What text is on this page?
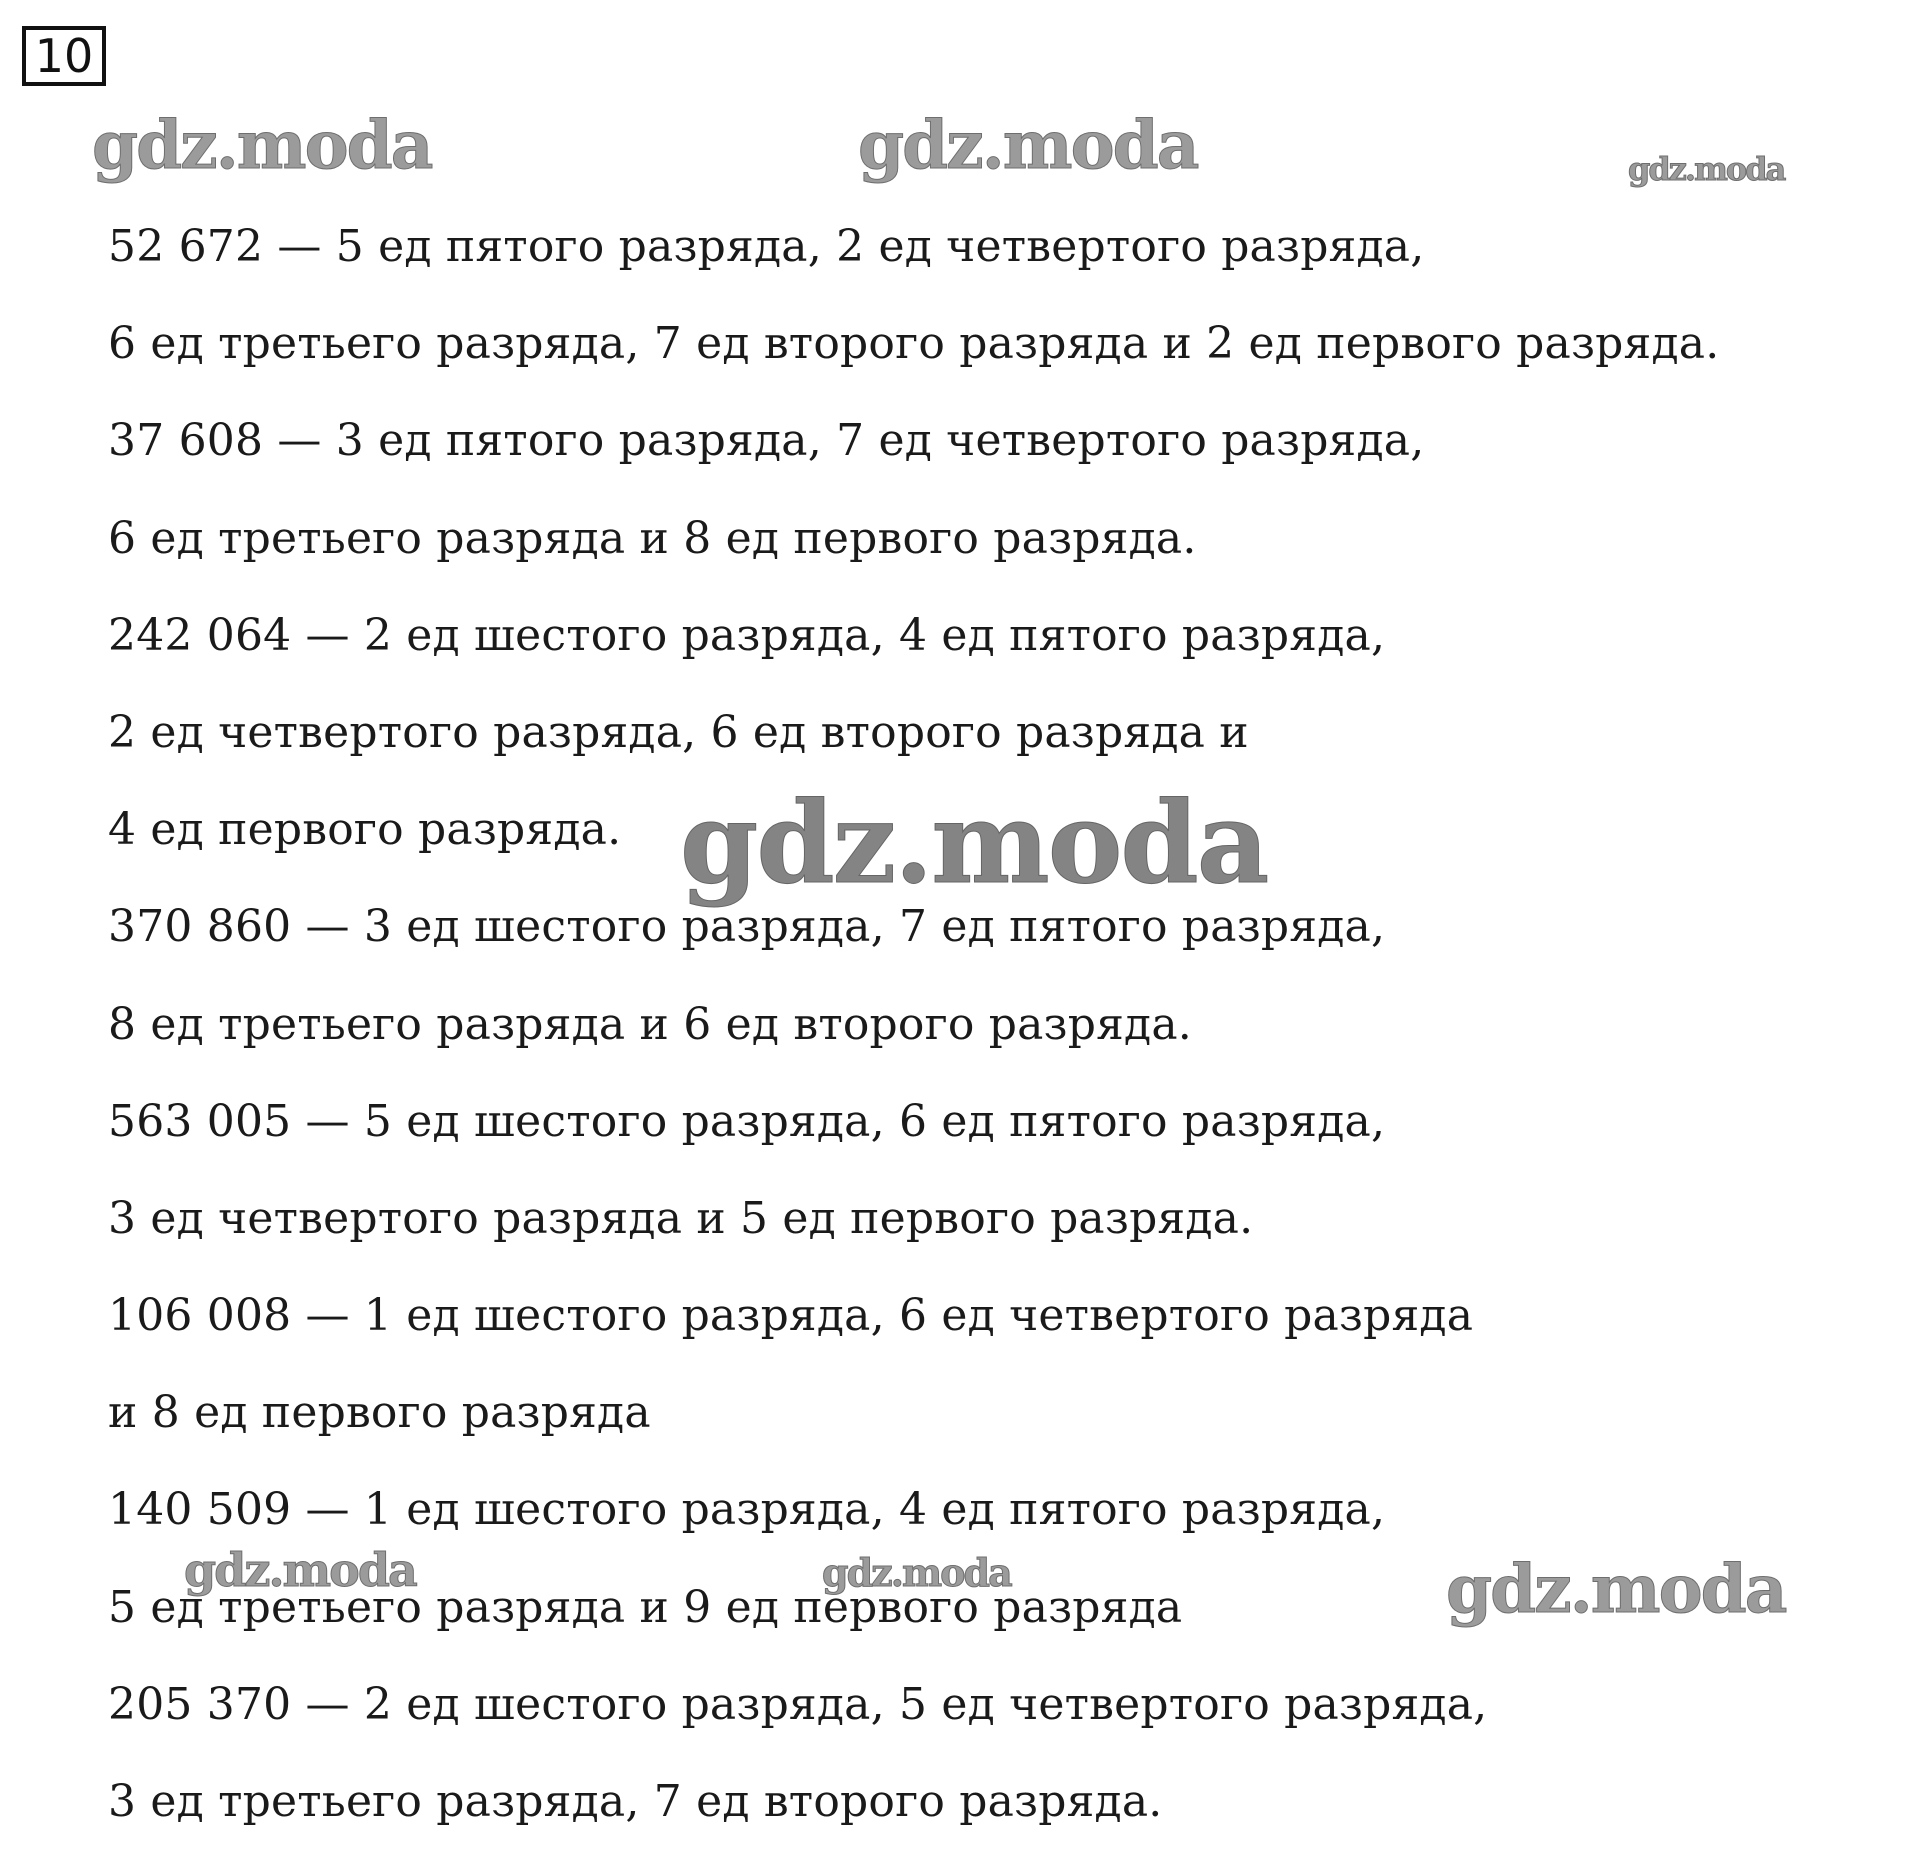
10
52 672 — 5 ед пятого разряда, 2 ед четвертого разряда,
6 ед третьего разряда, 7 ед второго разряда и 2 ед первого разряда.
37 608 — 3 ед пятого разряда, 7 ед четвертого разряда,
6 ед третьего разряда и 8 ед первого разряда.
242 064 — 2 ед шестого разряда, 4 ед пятого разряда,
2 ед четвертого разряда, 6 ед второго разряда и
4 ед первого разряда.
370 860 — 3 ед шестого разряда, 7 ед пятого разряда,
8 ед третьего разряда и 6 ед второго разряда.
563 005 — 5 ед шестого разряда, 6 ед пятого разряда,
3 ед четвертого разряда и 5 ед первого разряда.
106 008 — 1 ед шестого разряда, 6 ед четвертого разряда
и 8 ед первого разряда
140 509 — 1 ед шестого разряда, 4 ед пятого разряда,
5 ед третьего разряда и 9 ед первого разряда
205 370 — 2 ед шестого разряда, 5 ед четвертого разряда,
3 ед третьего разряда, 7 ед второго разряда.
gdz.moda	gdz.moda	gdz.moda
gdz.moda
gdz.moda	gdz.moda	gdz.moda
